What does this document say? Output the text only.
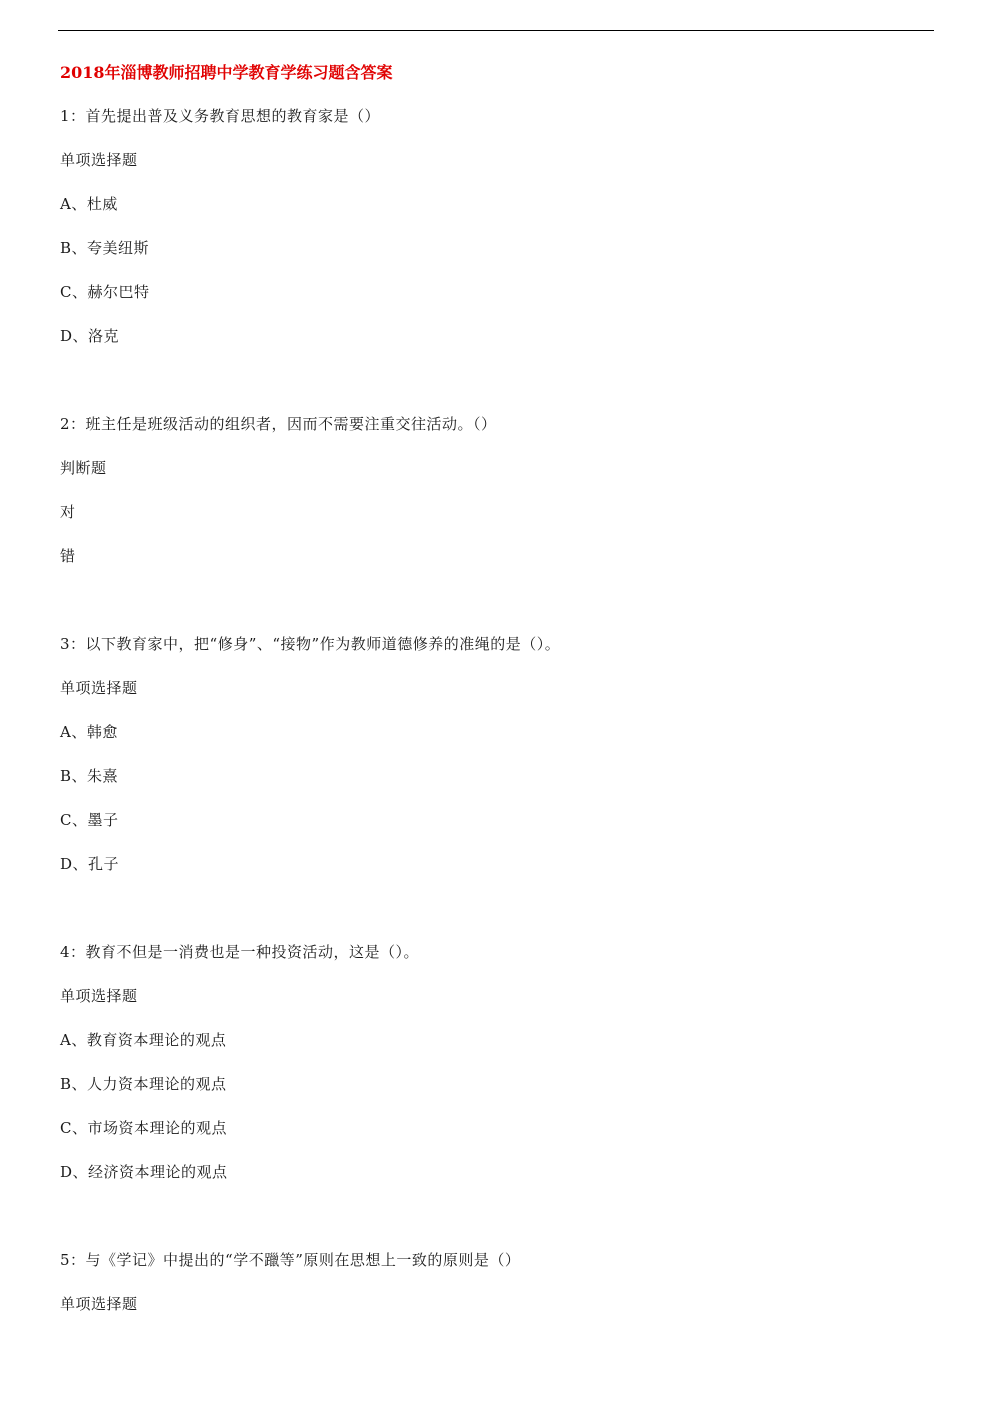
2018年淄博教师招聘中学教育学练习题含答案
1：首先提出普及义务教育思想的教育家是（）
单项选择题
A、杜威
B、夸美纽斯
C、赫尔巴特
D、洛克
2：班主任是班级活动的组织者，因而不需要注重交往活动。（）
判断题
对
错
3：以下教育家中，把“修身”、“接物”作为教师道德修养的准绳的是（）。
单项选择题
A、韩愈
B、朱熹
C、墨子
D、孔子
4：教育不但是一消费也是一种投资活动，这是（）。
单项选择题
A、教育资本理论的观点
B、人力资本理论的观点
C、市场资本理论的观点
D、经济资本理论的观点
5：与《学记》中提出的“学不躐等”原则在思想上一致的原则是（）
单项选择题
